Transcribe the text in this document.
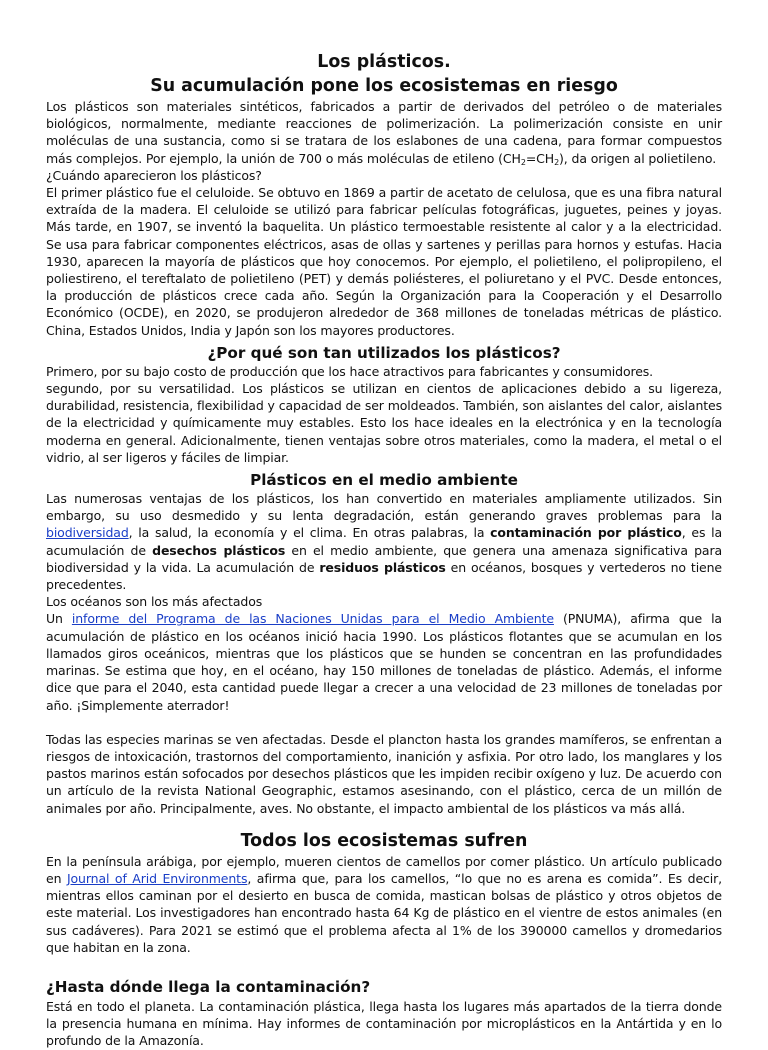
Los plásticos.
Su acumulación pone los ecosistemas en riesgo

Los plásticos son materiales sintéticos, fabricados a partir de derivados del petróleo o de materiales biológicos, normalmente, mediante reacciones de polimerización. La polimerización consiste en unir moléculas de una sustancia, como si se tratara de los eslabones de una cadena, para formar compuestos más complejos. Por ejemplo, la unión de 700 o más moléculas de etileno $(CH_2=CH_2)$, da origen al polietileno.

¿Cuándo aparecieron los plásticos?

El primer plástico fue el celuloide. Se obtuvo en 1869 a partir de acetato de celulosa, que es una fibra natural extraída de la madera. El celuloide se utilizó para fabricar películas fotográficas, juguetes, peines y joyas. Más tarde, en 1907, se inventó la baquelita. Un plástico termoestable resistente al calor y a la electricidad. Se usa para fabricar componentes eléctricos, asas de ollas y sartenes y perillas para hornos y estufas. Hacia 1930, aparecen la mayoría de plásticos que hoy conocemos. Por ejemplo, el polietileno, el polipropileno, el poliestireno, el tereftalato de polietileno (PET) y demás poliésteres, el poliuretano y el PVC. Desde entonces, la producción de plásticos crece cada año. Según la Organización para la Cooperación y el Desarrollo Económico (OCDE), en 2020, se produjeron alrededor de 368 millones de toneladas métricas de plástico. China, Estados Unidos, India y Japón son los mayores productores.

¿Por qué son tan utilizados los plásticos?

Primero, por su bajo costo de producción que los hace atractivos para fabricantes y consumidores.

segundo, por su versatilidad. Los plásticos se utilizan en cientos de aplicaciones debido a su ligereza, durabilidad, resistencia, flexibilidad y capacidad de ser moldeados. También, son aislantes del calor, aislantes de la electricidad y químicamente muy estables. Esto los hace ideales en la electrónica y en la tecnología moderna en general. Adicionalmente, tienen ventajas sobre otros materiales, como la madera, el metal o el vidrio, al ser ligeros y fáciles de limpiar.

Plásticos en el medio ambiente

Las numerosas ventajas de los plásticos, los han convertido en materiales ampliamente utilizados. Sin embargo, su uso desmedido y su lenta degradación, están generando graves problemas para la biodiversidad, la salud, la economía y el clima. En otras palabras, la contaminación por plástico, es la acumulación de desechos plásticos en el medio ambiente, que genera una amenaza significativa para biodiversidad y la vida. La acumulación de residuos plásticos en océanos, bosques y vertederos no tiene precedentes.

Los océanos son los más afectados

Un informe del Programa de las Naciones Unidas para el Medio Ambiente (PNUMA), afirma que la acumulación de plástico en los océanos inició hacia 1990. Los plásticos flotantes que se acumulan en los llamados giros oceánicos, mientras que los plásticos que se hunden se concentran en las profundidades marinas. Se estima que hoy, en el océano, hay 150 millones de toneladas de plástico. Además, el informe dice que para el 2040, esta cantidad puede llegar a crecer a una velocidad de 23 millones de toneladas por año. ¡Simplemente aterrador!

Todas las especies marinas se ven afectadas. Desde el plancton hasta los grandes mamíferos, se enfrentan a riesgos de intoxicación, trastornos del comportamiento, inanición y asfixia. Por otro lado, los manglares y los pastos marinos están sofocados por desechos plásticos que les impiden recibir oxígeno y luz. De acuerdo con un artículo de la revista National Geographic, estamos asesinando, con el plástico, cerca de un millón de animales por año. Principalmente, aves. No obstante, el impacto ambiental de los plásticos va más allá.

Todos los ecosistemas sufren

En la península arábiga, por ejemplo, mueren cientos de camellos por comer plástico. Un artículo publicado en Journal of Arid Environments, afirma que, para los camellos, “lo que no es arena es comida”. Es decir, mientras ellos caminan por el desierto en busca de comida, mastican bolsas de plástico y otros objetos de este material. Los investigadores han encontrado hasta 64 Kg de plástico en el vientre de estos animales (en sus cadáveres). Para 2021 se estimó que el problema afecta al 1% de los 390000 camellos y dromedarios que habitan en la zona.

¿Hasta dónde llega la contaminación?

Está en todo el planeta. La contaminación plástica, llega hasta los lugares más apartados de la tierra donde la presencia humana en mínima. Hay informes de contaminación por microplásticos en la Antártida y en lo profundo de la Amazonía.
